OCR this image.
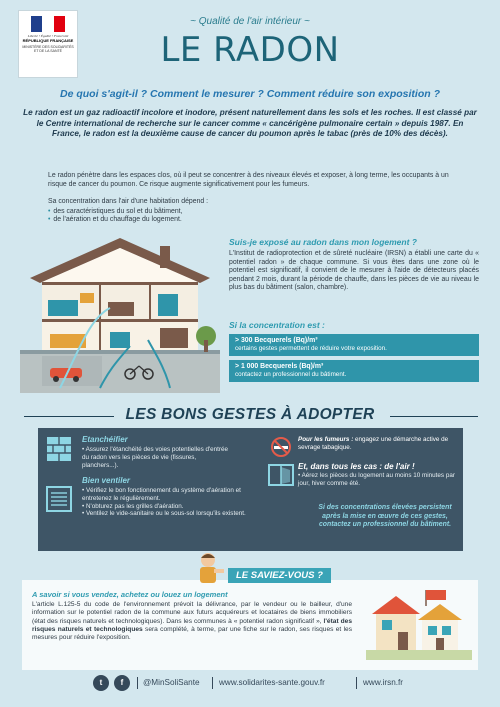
Liberté • Égalité • Fraternité
RÉPUBLIQUE FRANÇAISE
MINISTÈRE DES SOLIDARITÉS ET DE LA SANTÉ
~ Qualité de l'air intérieur ~
LE RADON
De quoi s'agit-il ? Comment le mesurer ? Comment réduire son exposition ?
Le radon est un gaz radioactif incolore et inodore, présent naturellement dans les sols et les roches. Il est classé par le Centre international de recherche sur le cancer comme « cancérigène pulmonaire certain » depuis 1987. En France, le radon est la deuxième cause de cancer du poumon après le tabac (près de 10% des décès).
Le radon pénètre dans les espaces clos, où il peut se concentrer à des niveaux élevés et exposer, à long terme, les occupants à un risque de cancer du poumon. Ce risque augmente significativement pour les fumeurs.
Sa concentration dans l'air d'une habitation dépend :
• des caractéristiques du sol et du bâtiment,
• de l'aération et du chauffage du logement.
Suis-je exposé au radon dans mon logement ?
L'Institut de radioprotection et de sûreté nucléaire (IRSN) a établi une carte du « potentiel radon » de chaque commune. Si vous êtes dans une zone où le potentiel est significatif, il convient de le mesurer à l'aide de détecteurs placés pendant 2 mois, durant la période de chauffe, dans les pièces de vie au niveau le plus bas du bâtiment (salon, chambre).
Si la concentration est :
> 300 Becquerels (Bq)/m³
certains gestes permettent de réduire votre exposition.
> 1 000 Becquerels (Bq)/m³
contactez un professionnel du bâtiment.
LES BONS GESTES À ADOPTER
Etanchéifier
• Assurez l'étanchéité des voies potentielles d'entrée du radon vers les pièces de vie (fissures, planchers...).
Bien ventiler
• Vérifiez le bon fonctionnement du système d'aération et entretenez le régulièrement.
• N'obturez pas les grilles d'aération.
• Ventilez le vide-sanitaire ou le sous-sol lorsqu'ils existent.
Pour les fumeurs : engagez une démarche active de sevrage tabagique.
Et, dans tous les cas : de l'air !
• Aérez les pièces du logement au moins 10 minutes par jour, hiver comme été.
Si des concentrations élevées persistent après la mise en œuvre de ces gestes, contactez un professionnel du bâtiment.
LE SAVIEZ-VOUS ?
A savoir si vous vendez, achetez ou louez un logement
L'article L.125-5 du code de l'environnement prévoit la délivrance, par le vendeur ou le bailleur, d'une information sur le potentiel radon de la commune aux futurs acquéreurs et locataires de biens immobiliers (état des risques naturels et technologiques). Dans les communes à « potentiel radon significatif », l'état des risques naturels et technologiques sera complété, à terme, par une fiche sur le radon, ses risques et les mesures pour réduire l'exposition.
t	f	@MinSoliSante www.solidarites-sante.gouv.fr	www.irsn.fr
